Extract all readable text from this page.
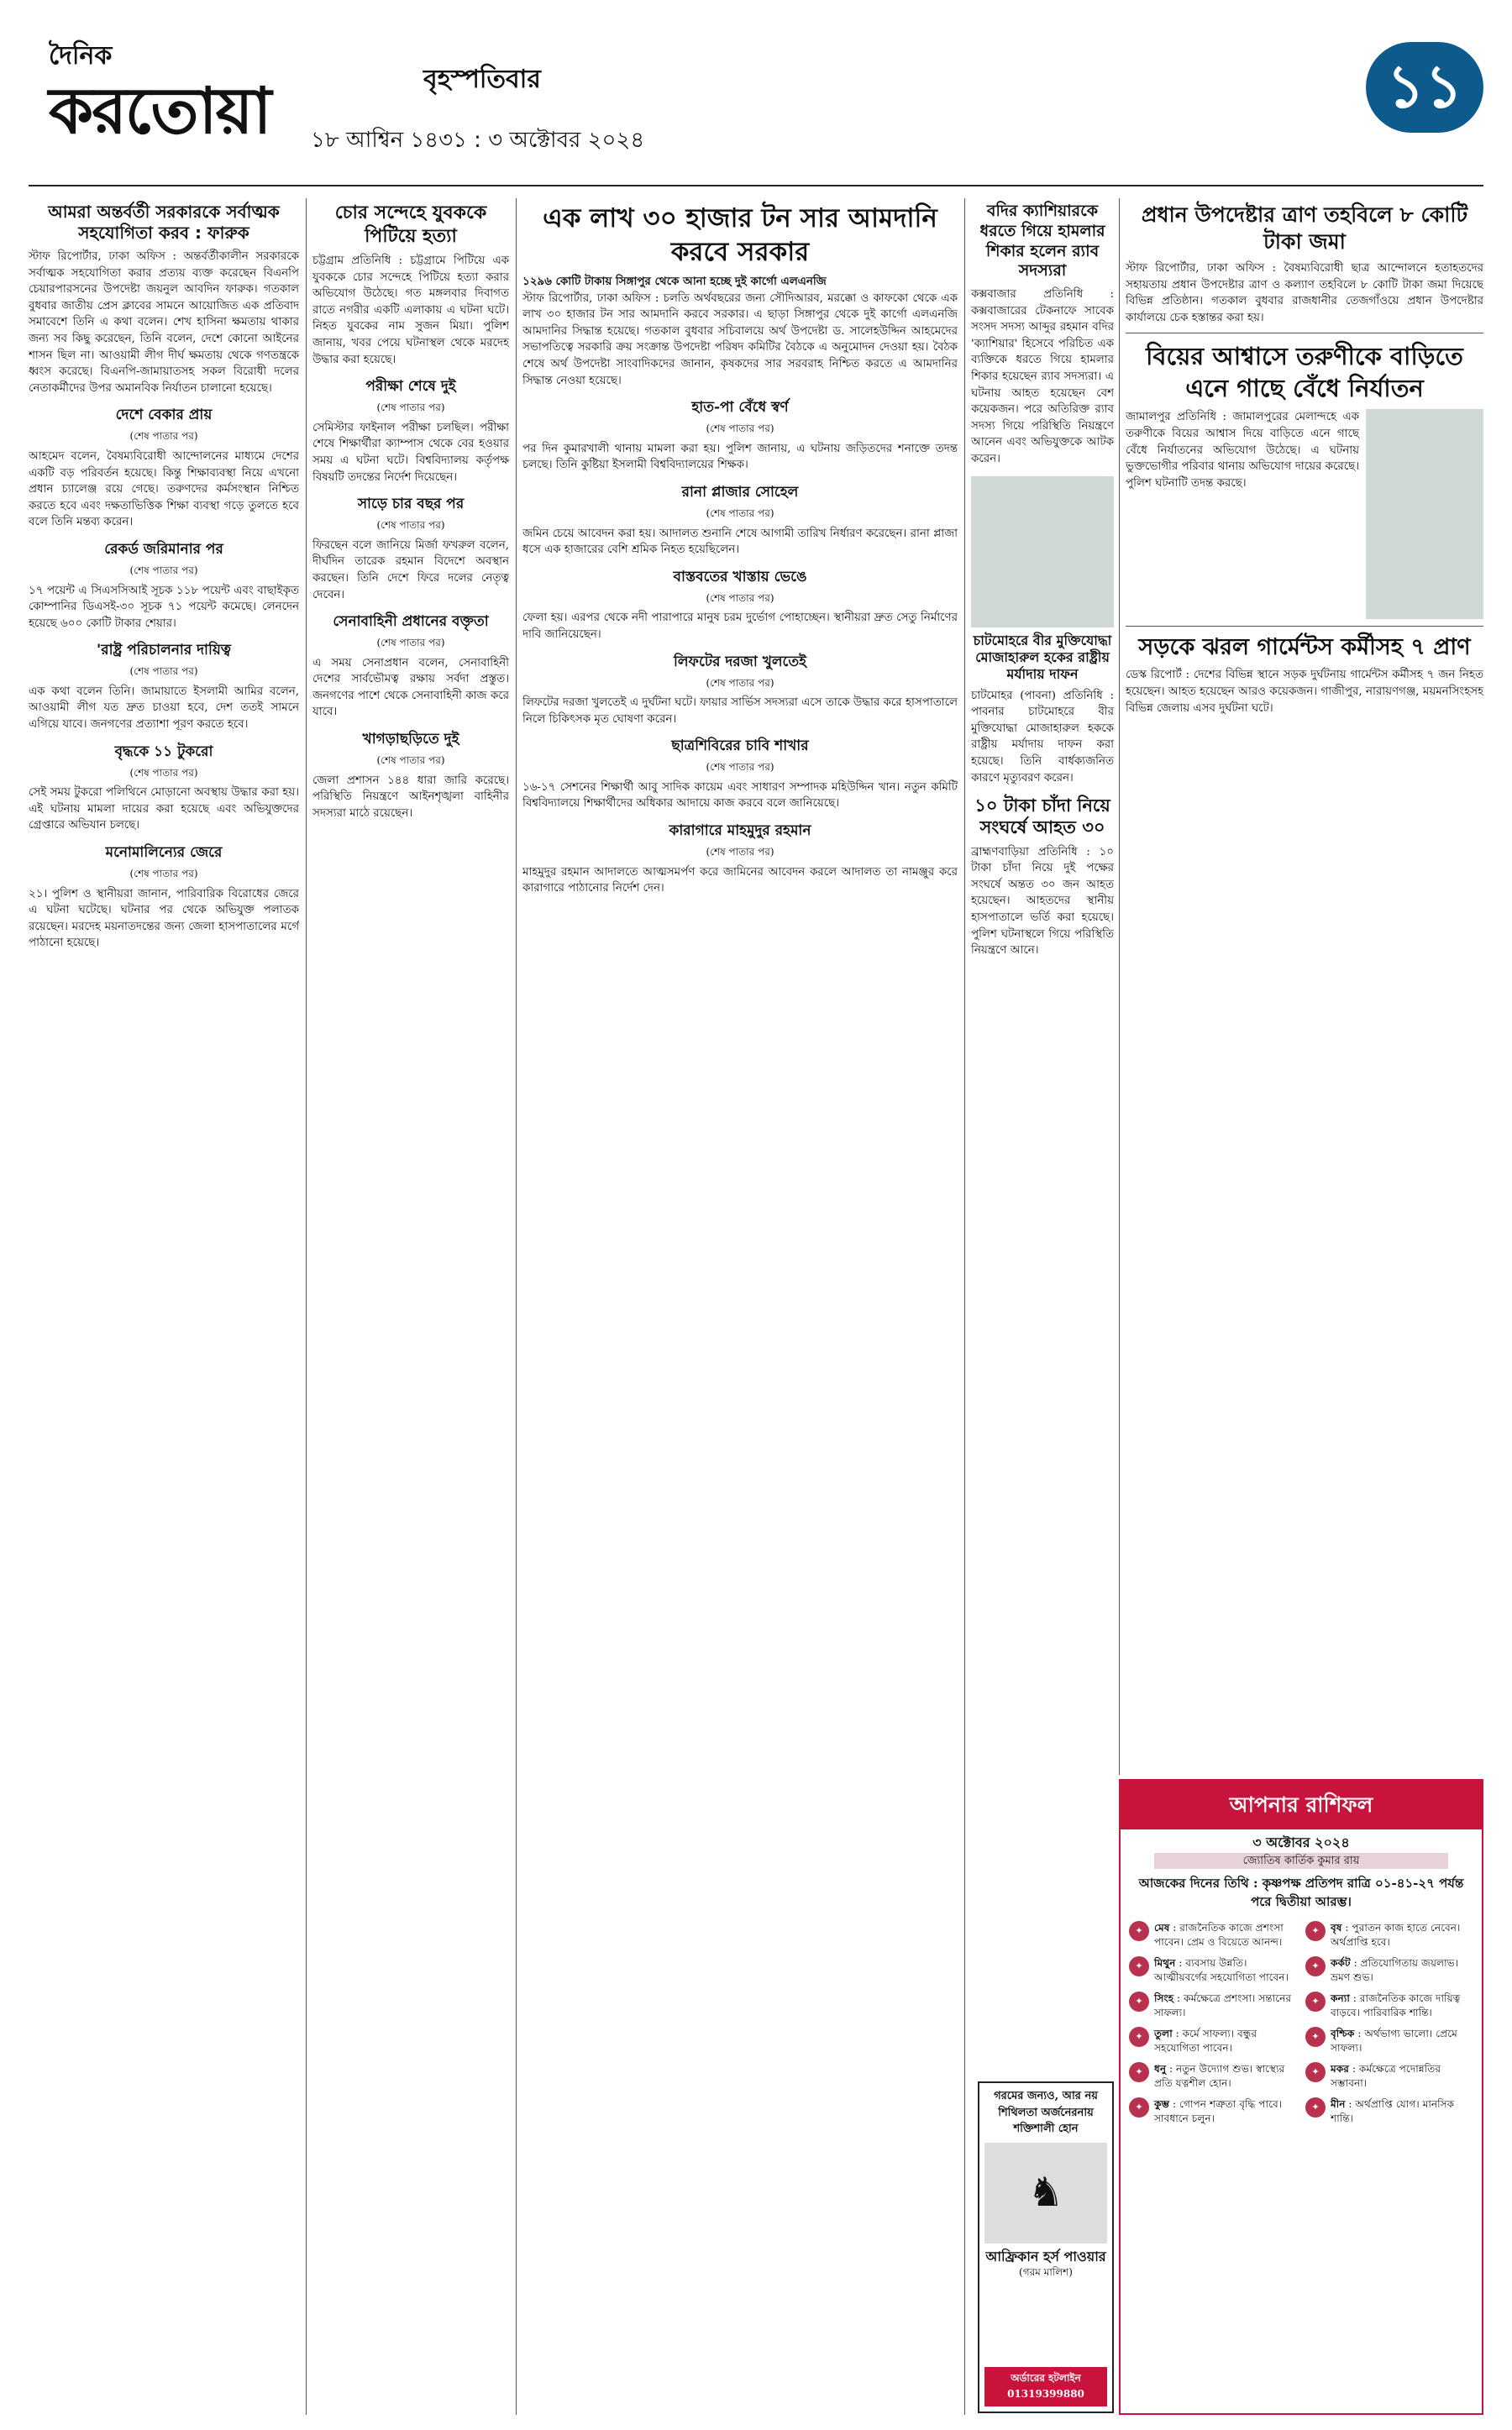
দৈনিক
করতোয়া	বৃহস্পতিবার
১৮ আশ্বিন ১৪৩১ : ৩ অক্টোবর ২০২৪
১১
আমরা অন্তর্বর্তী সরকারকে সর্বাত্মক সহযোগিতা করব : ফারুক
স্টাফ রিপোর্টার, ঢাকা অফিস : অন্তর্বর্তীকালীন সরকারকে সর্বাত্মক সহযোগিতা করার প্রত্যয় ব্যক্ত করেছেন বিএনপি চেয়ারপারসনের উপদেষ্টা জয়নুল আবদিন ফারুক। গতকাল বুধবার জাতীয় প্রেস ক্লাবের সামনে আয়োজিত এক প্রতিবাদ সমাবেশে তিনি এ কথা বলেন। শেখ হাসিনা ক্ষমতায় থাকার জন্য সব কিছু করেছেন, তিনি বলেন, দেশে কোনো আইনের শাসন ছিল না। আওয়ামী লীগ দীর্ঘ ক্ষমতায় থেকে গণতন্ত্রকে ধ্বংস করেছে। বিএনপি-জামায়াতসহ সকল বিরোধী দলের নেতাকর্মীদের উপর অমানবিক নির্যাতন চালানো হয়েছে।
দেশে বেকার প্রায়
(শেষ পাতার পর)
আহমেদ বলেন, বৈষম্যবিরোধী আন্দোলনের মাধ্যমে দেশের একটি বড় পরিবর্তন হয়েছে। কিন্তু শিক্ষাব্যবস্থা নিয়ে এখনো প্রধান চ্যালেঞ্জ রয়ে গেছে। তরুণদের কর্মসংস্থান নিশ্চিত করতে হবে এবং দক্ষতাভিত্তিক শিক্ষা ব্যবস্থা গড়ে তুলতে হবে বলে তিনি মন্তব্য করেন।
রেকর্ড জরিমানার পর
(শেষ পাতার পর)
১৭ পয়েন্ট এ সিএসসিআই সূচক ১১৮ পয়েন্ট এবং বাছাইকৃত কোম্পানির ডিএসই-৩০ সূচক ৭১ পয়েন্ট কমেছে। লেনদেন হয়েছে ৬০০ কোটি টাকার শেয়ার।
'রাষ্ট্র পরিচালনার দায়িত্ব
(শেষ পাতার পর)
এক কথা বলেন তিনি। জামায়াতে ইসলামী আমির বলেন, আওয়ামী লীগ যত দ্রুত চাওয়া হবে, দেশ ততই সামনে এগিয়ে যাবে। জনগণের প্রত্যাশা পূরণ করতে হবে।
বৃদ্ধকে ১১ টুকরো
(শেষ পাতার পর)
সেই সময় টুকরো পলিথিনে মোড়ানো অবস্থায় উদ্ধার করা হয়। এই ঘটনায় মামলা দায়ের করা হয়েছে এবং অভিযুক্তদের গ্রেপ্তারে অভিযান চলছে।
মনোমালিন্যের জেরে
(শেষ পাতার পর)
২১। পুলিশ ও স্থানীয়রা জানান, পারিবারিক বিরোধের জেরে এ ঘটনা ঘটেছে। ঘটনার পর থেকে অভিযুক্ত পলাতক রয়েছেন। মরদেহ ময়নাতদন্তের জন্য জেলা হাসপাতালের মর্গে পাঠানো হয়েছে।
চোর সন্দেহে যুবককে পিটিয়ে হত্যা
চট্টগ্রাম প্রতিনিধি : চট্টগ্রামে পিটিয়ে এক যুবককে চোর সন্দেহে পিটিয়ে হত্যা করার অভিযোগ উঠেছে। গত মঙ্গলবার দিবাগত রাতে নগরীর একটি এলাকায় এ ঘটনা ঘটে। নিহত যুবকের নাম সুজন মিয়া। পুলিশ জানায়, খবর পেয়ে ঘটনাস্থল থেকে মরদেহ উদ্ধার করা হয়েছে।
পরীক্ষা শেষে দুই
(শেষ পাতার পর)
সেমিস্টার ফাইনাল পরীক্ষা চলছিল। পরীক্ষা শেষে শিক্ষার্থীরা ক্যাম্পাস থেকে বের হওয়ার সময় এ ঘটনা ঘটে। বিশ্ববিদ্যালয় কর্তৃপক্ষ বিষয়টি তদন্তের নির্দেশ দিয়েছেন।
সাড়ে চার বছর পর
(শেষ পাতার পর)
ফিরছেন বলে জানিয়ে মির্জা ফখরুল বলেন, দীর্ঘদিন তারেক রহমান বিদেশে অবস্থান করছেন। তিনি দেশে ফিরে দলের নেতৃত্ব দেবেন।
সেনাবাহিনী প্রধানের বক্তৃতা
(শেষ পাতার পর)
এ সময় সেনাপ্রধান বলেন, সেনাবাহিনী দেশের সার্বভৌমত্ব রক্ষায় সর্বদা প্রস্তুত। জনগণের পাশে থেকে সেনাবাহিনী কাজ করে যাবে।
খাগড়াছড়িতে দুই
(শেষ পাতার পর)
জেলা প্রশাসন ১৪৪ ধারা জারি করেছে। পরিস্থিতি নিয়ন্ত্রণে আইনশৃঙ্খলা বাহিনীর সদস্যরা মাঠে রয়েছেন।
এক লাখ ৩০ হাজার টন সার আমদানি করবে সরকার
১২৯৬ কোটি টাকায় সিঙ্গাপুর থেকে আনা হচ্ছে দুই কার্গো এলএনজি
স্টাফ রিপোর্টার, ঢাকা অফিস : চলতি অর্থবছরের জন্য সৌদিআরব, মরক্কো ও কাফকো থেকে এক লাখ ৩০ হাজার টন সার আমদানি করবে সরকার। এ ছাড়া সিঙ্গাপুর থেকে দুই কার্গো এলএনজি আমদানির সিদ্ধান্ত হয়েছে। গতকাল বুধবার সচিবালয়ে অর্থ উপদেষ্টা ড. সালেহউদ্দিন আহমেদের সভাপতিত্বে সরকারি ক্রয় সংক্রান্ত উপদেষ্টা পরিষদ কমিটির বৈঠকে এ অনুমোদন দেওয়া হয়। বৈঠক শেষে অর্থ উপদেষ্টা সাংবাদিকদের জানান, কৃষকদের সার সরবরাহ নিশ্চিত করতে এ আমদানির সিদ্ধান্ত নেওয়া হয়েছে।
হাত-পা বেঁধে স্বর্ণ
(শেষ পাতার পর)
পর দিন কুমারখালী থানায় মামলা করা হয়। পুলিশ জানায়, এ ঘটনায় জড়িতদের শনাক্তে তদন্ত চলছে। তিনি কুষ্টিয়া ইসলামী বিশ্ববিদ্যালয়ের শিক্ষক।
রানা প্লাজার সোহেল
(শেষ পাতার পর)
জমিন চেয়ে আবেদন করা হয়। আদালত শুনানি শেষে আগামী তারিখ নির্ধারণ করেছেন। রানা প্লাজা ধসে এক হাজারের বেশি শ্রমিক নিহত হয়েছিলেন।
বাস্তবতের খাস্তায় ভেঙে
(শেষ পাতার পর)
ফেলা হয়। এরপর থেকে নদী পারাপারে মানুষ চরম দুর্ভোগ পোহাচ্ছেন। স্থানীয়রা দ্রুত সেতু নির্মাণের দাবি জানিয়েছেন।
লিফটের দরজা খুলতেই
(শেষ পাতার পর)
লিফটের দরজা খুলতেই এ দুর্ঘটনা ঘটে। ফায়ার সার্ভিস সদস্যরা এসে তাকে উদ্ধার করে হাসপাতালে নিলে চিকিৎসক মৃত ঘোষণা করেন।
ছাত্রশিবিরের চাবি শাখার
(শেষ পাতার পর)
১৬-১৭ সেশনের শিক্ষার্থী আবু সাদিক কায়েম এবং সাধারণ সম্পাদক মহিউদ্দিন খান। নতুন কমিটি বিশ্ববিদ্যালয়ে শিক্ষার্থীদের অধিকার আদায়ে কাজ করবে বলে জানিয়েছে।
কারাগারে মাহমুদুর রহমান
(শেষ পাতার পর)
মাহমুদুর রহমান আদালতে আত্মসমর্পণ করে জামিনের আবেদন করলে আদালত তা নামঞ্জুর করে কারাগারে পাঠানোর নির্দেশ দেন।
বদির ক্যাশিয়ারকে ধরতে গিয়ে হামলার শিকার হলেন র‌্যাব সদস্যরা
কক্সবাজার প্রতিনিধি : কক্সবাজারের টেকনাফে সাবেক সংসদ সদস্য আব্দুর রহমান বদির 'ক্যাশিয়ার' হিসেবে পরিচিত এক ব্যক্তিকে ধরতে গিয়ে হামলার শিকার হয়েছেন র‌্যাব সদস্যরা। এ ঘটনায় আহত হয়েছেন বেশ কয়েকজন। পরে অতিরিক্ত র‌্যাব সদস্য গিয়ে পরিস্থিতি নিয়ন্ত্রণে আনেন এবং অভিযুক্তকে আটক করেন।
চাটমোহরে বীর মুক্তিযোদ্ধা মোজাহারুল হকের রাষ্ট্রীয় মর্যাদায় দাফন
চাটমোহর (পাবনা) প্রতিনিধি : পাবনার চাটমোহরে বীর মুক্তিযোদ্ধা মোজাহারুল হককে রাষ্ট্রীয় মর্যাদায় দাফন করা হয়েছে। তিনি বার্ধক্যজনিত কারণে মৃত্যুবরণ করেন।
১০ টাকা চাঁদা নিয়ে সংঘর্ষে আহত ৩০
ব্রাহ্মণবাড়িয়া প্রতিনিধি : ১০ টাকা চাঁদা নিয়ে দুই পক্ষের সংঘর্ষে অন্তত ৩০ জন আহত হয়েছেন। আহতদের স্থানীয় হাসপাতালে ভর্তি করা হয়েছে। পুলিশ ঘটনাস্থলে গিয়ে পরিস্থিতি নিয়ন্ত্রণে আনে।
গরমের জন্যও, আর নয় শিথিলতা অর্জনেরনায় শক্তিশালী হোন
♞
আফ্রিকান হর্স পাওয়ার
(গরম মালিশ)
অর্ডারের হটলাইন 01319399880
প্রধান উপদেষ্টার ত্রাণ তহবিলে ৮ কোটি টাকা জমা
স্টাফ রিপোর্টার, ঢাকা অফিস : বৈষম্যবিরোধী ছাত্র আন্দোলনে হতাহতদের সহায়তায় প্রধান উপদেষ্টার ত্রাণ ও কল্যাণ তহবিলে ৮ কোটি টাকা জমা দিয়েছে বিভিন্ন প্রতিষ্ঠান। গতকাল বুধবার রাজধানীর তেজগাঁওয়ে প্রধান উপদেষ্টার কার্যালয়ে চেক হস্তান্তর করা হয়।
বিয়ের আশ্বাসে তরুণীকে বাড়িতে এনে গাছে বেঁধে নির্যাতন
জামালপুর প্রতিনিধি : জামালপুরের মেলান্দহে এক তরুণীকে বিয়ের আশ্বাস দিয়ে বাড়িতে এনে গাছে বেঁধে নির্যাতনের অভিযোগ উঠেছে। এ ঘটনায় ভুক্তভোগীর পরিবার থানায় অভিযোগ দায়ের করেছে। পুলিশ ঘটনাটি তদন্ত করছে।
সড়কে ঝরল গার্মেন্টস কর্মীসহ ৭ প্রাণ
ডেস্ক রিপোর্ট : দেশের বিভিন্ন স্থানে সড়ক দুর্ঘটনায় গার্মেন্টস কর্মীসহ ৭ জন নিহত হয়েছেন। আহত হয়েছেন আরও কয়েকজন। গাজীপুর, নারায়ণগঞ্জ, ময়মনসিংহসহ বিভিন্ন জেলায় এসব দুর্ঘটনা ঘটে।
আপনার রাশিফল
৩ অক্টোবর ২০২৪
জ্যোতিষ কার্তিক কুমার রায়
আজকের দিনের তিথি : কৃষ্ণপক্ষ প্রতিপদ রাত্রি ০১-৪১-২৭ পর্যন্ত পরে দ্বিতীয়া আরম্ভ।
✦	মেষ : রাজনৈতিক কাজে প্রশংসা পাবেন। প্রেম ও বিয়েতে আনন্দ।
✦	বৃষ : পুরাতন কাজ হাতে নেবেন। অর্থপ্রাপ্তি হবে।
✦	মিথুন : ব্যবসায় উন্নতি। আত্মীয়বর্গের সহযোগিতা পাবেন।
✦	কর্কট : প্রতিযোগিতায় জয়লাভ। ভ্রমণ শুভ।
✦	সিংহ : কর্মক্ষেত্রে প্রশংসা। সন্তানের সাফল্য।
✦	কন্যা : রাজনৈতিক কাজে দায়িত্ব বাড়বে। পারিবারিক শান্তি।
✦	তুলা : কর্মে সাফল্য। বন্ধুর সহযোগিতা পাবেন।
✦	বৃশ্চিক : অর্থভাগ্য ভালো। প্রেমে সাফল্য।
✦	ধনু : নতুন উদ্যোগ শুভ। স্বাস্থ্যের প্রতি যত্নশীল হোন।
✦	মকর : কর্মক্ষেত্রে পদোন্নতির সম্ভাবনা।
✦	কুম্ভ : গোপন শত্রুতা বৃদ্ধি পাবে। সাবধানে চলুন।
✦	মীন : অর্থপ্রাপ্তি যোগ। মানসিক শান্তি।
